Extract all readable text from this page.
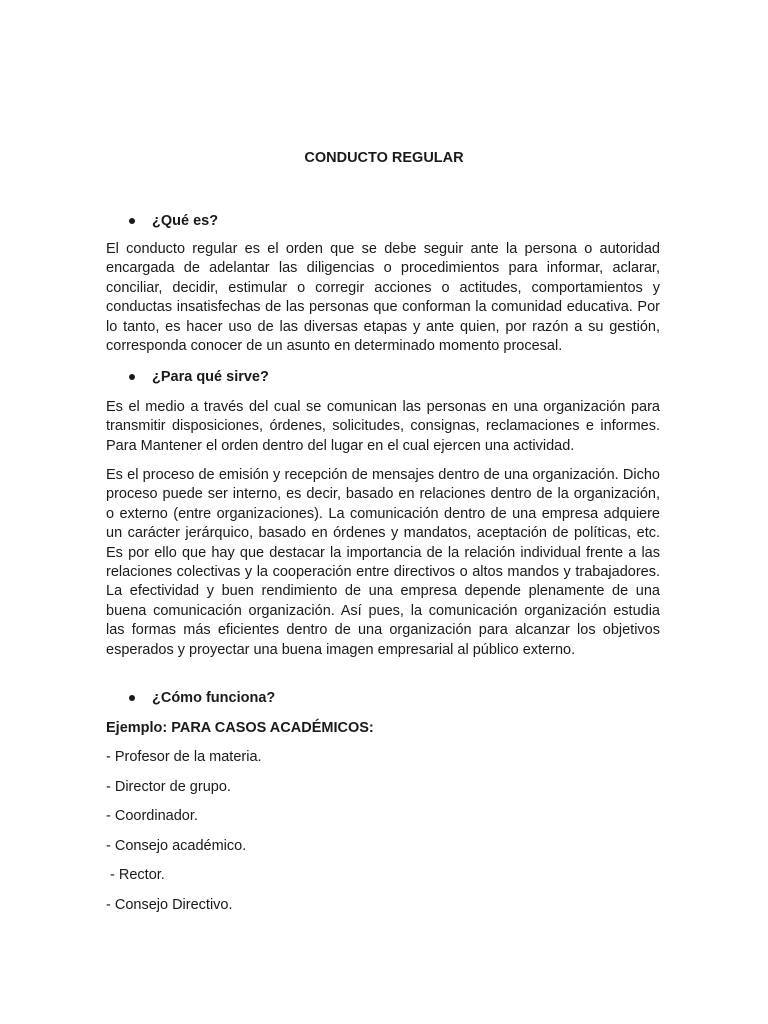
CONDUCTO REGULAR
¿Qué es?
El conducto regular es el orden que se debe seguir ante la persona o autoridad encargada de adelantar las diligencias o procedimientos para informar, aclarar, conciliar, decidir, estimular o corregir acciones o actitudes, comportamientos y conductas insatisfechas de las personas que conforman la comunidad educativa. Por lo tanto, es hacer uso de las diversas etapas y ante quien, por razón a su gestión, corresponda conocer de un asunto en determinado momento procesal.
¿Para qué sirve?
Es el medio a través del cual se comunican las personas en una organización para transmitir disposiciones, órdenes, solicitudes, consignas, reclamaciones e informes. Para Mantener el orden dentro del lugar en el cual ejercen una actividad.
Es el proceso de emisión y recepción de mensajes dentro de una organización. Dicho proceso puede ser interno, es decir, basado en relaciones dentro de la organización, o externo (entre organizaciones). La comunicación dentro de una empresa adquiere un carácter jerárquico, basado en órdenes y mandatos, aceptación de políticas, etc. Es por ello que hay que destacar la importancia de la relación individual frente a las relaciones colectivas y la cooperación entre directivos o altos mandos y trabajadores. La efectividad y buen rendimiento de una empresa depende plenamente de una buena comunicación organización. Así pues, la comunicación organización estudia las formas más eficientes dentro de una organización para alcanzar los objetivos esperados y proyectar una buena imagen empresarial al público externo.
¿Cómo funciona?
Ejemplo: PARA CASOS ACADÉMICOS:
- Profesor de la materia.
- Director de grupo.
- Coordinador.
- Consejo académico.
- Rector.
- Consejo Directivo.
